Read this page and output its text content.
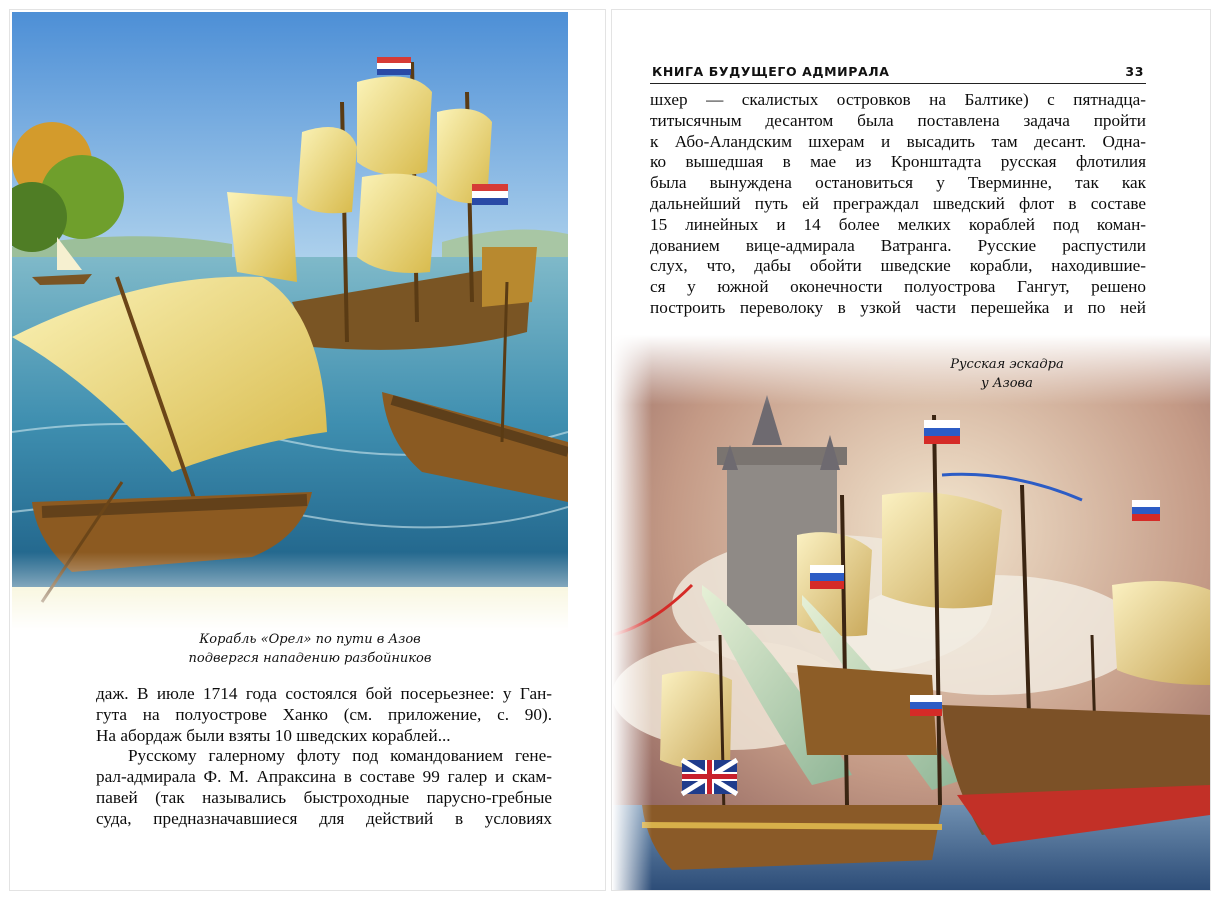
Корабль «Орел» по пути в Азов
подвергся нападению разбойников
даж. В июле 1714 года состоялся бой посерьезнее: у Ган-
гута на полуострове Ханко (см. приложение, с. 90).
На абордаж были взяты 10 шведских кораблей...
Русскому галерному флоту под командованием гене-
рал-адмирала Ф. М. Апраксина в составе 99 галер и скам-
павей (так назывались быстроходные парусно-гребные
суда, предназначавшиеся для действий в условиях
КНИГА БУДУЩЕГО АДМИРАЛА	33
шхер — скалистых островков на Балтике) с пятнадца-
титысячным десантом была поставлена задача пройти
к Або-Аландским шхерам и высадить там десант. Одна-
ко вышедшая в мае из Кронштадта русская флотилия
была вынуждена остановиться у Тверминне, так как
дальнейший путь ей преграждал шведский флот в составе
15 линейных и 14 более мелких кораблей под коман-
дованием вице-адмирала Ватранга. Русские распустили
слух, что, дабы обойти шведские корабли, находившие-
ся у южной оконечности полуострова Гангут, решено
построить переволоку в узкой части перешейка и по ней
Русская эскадра
у Азова
